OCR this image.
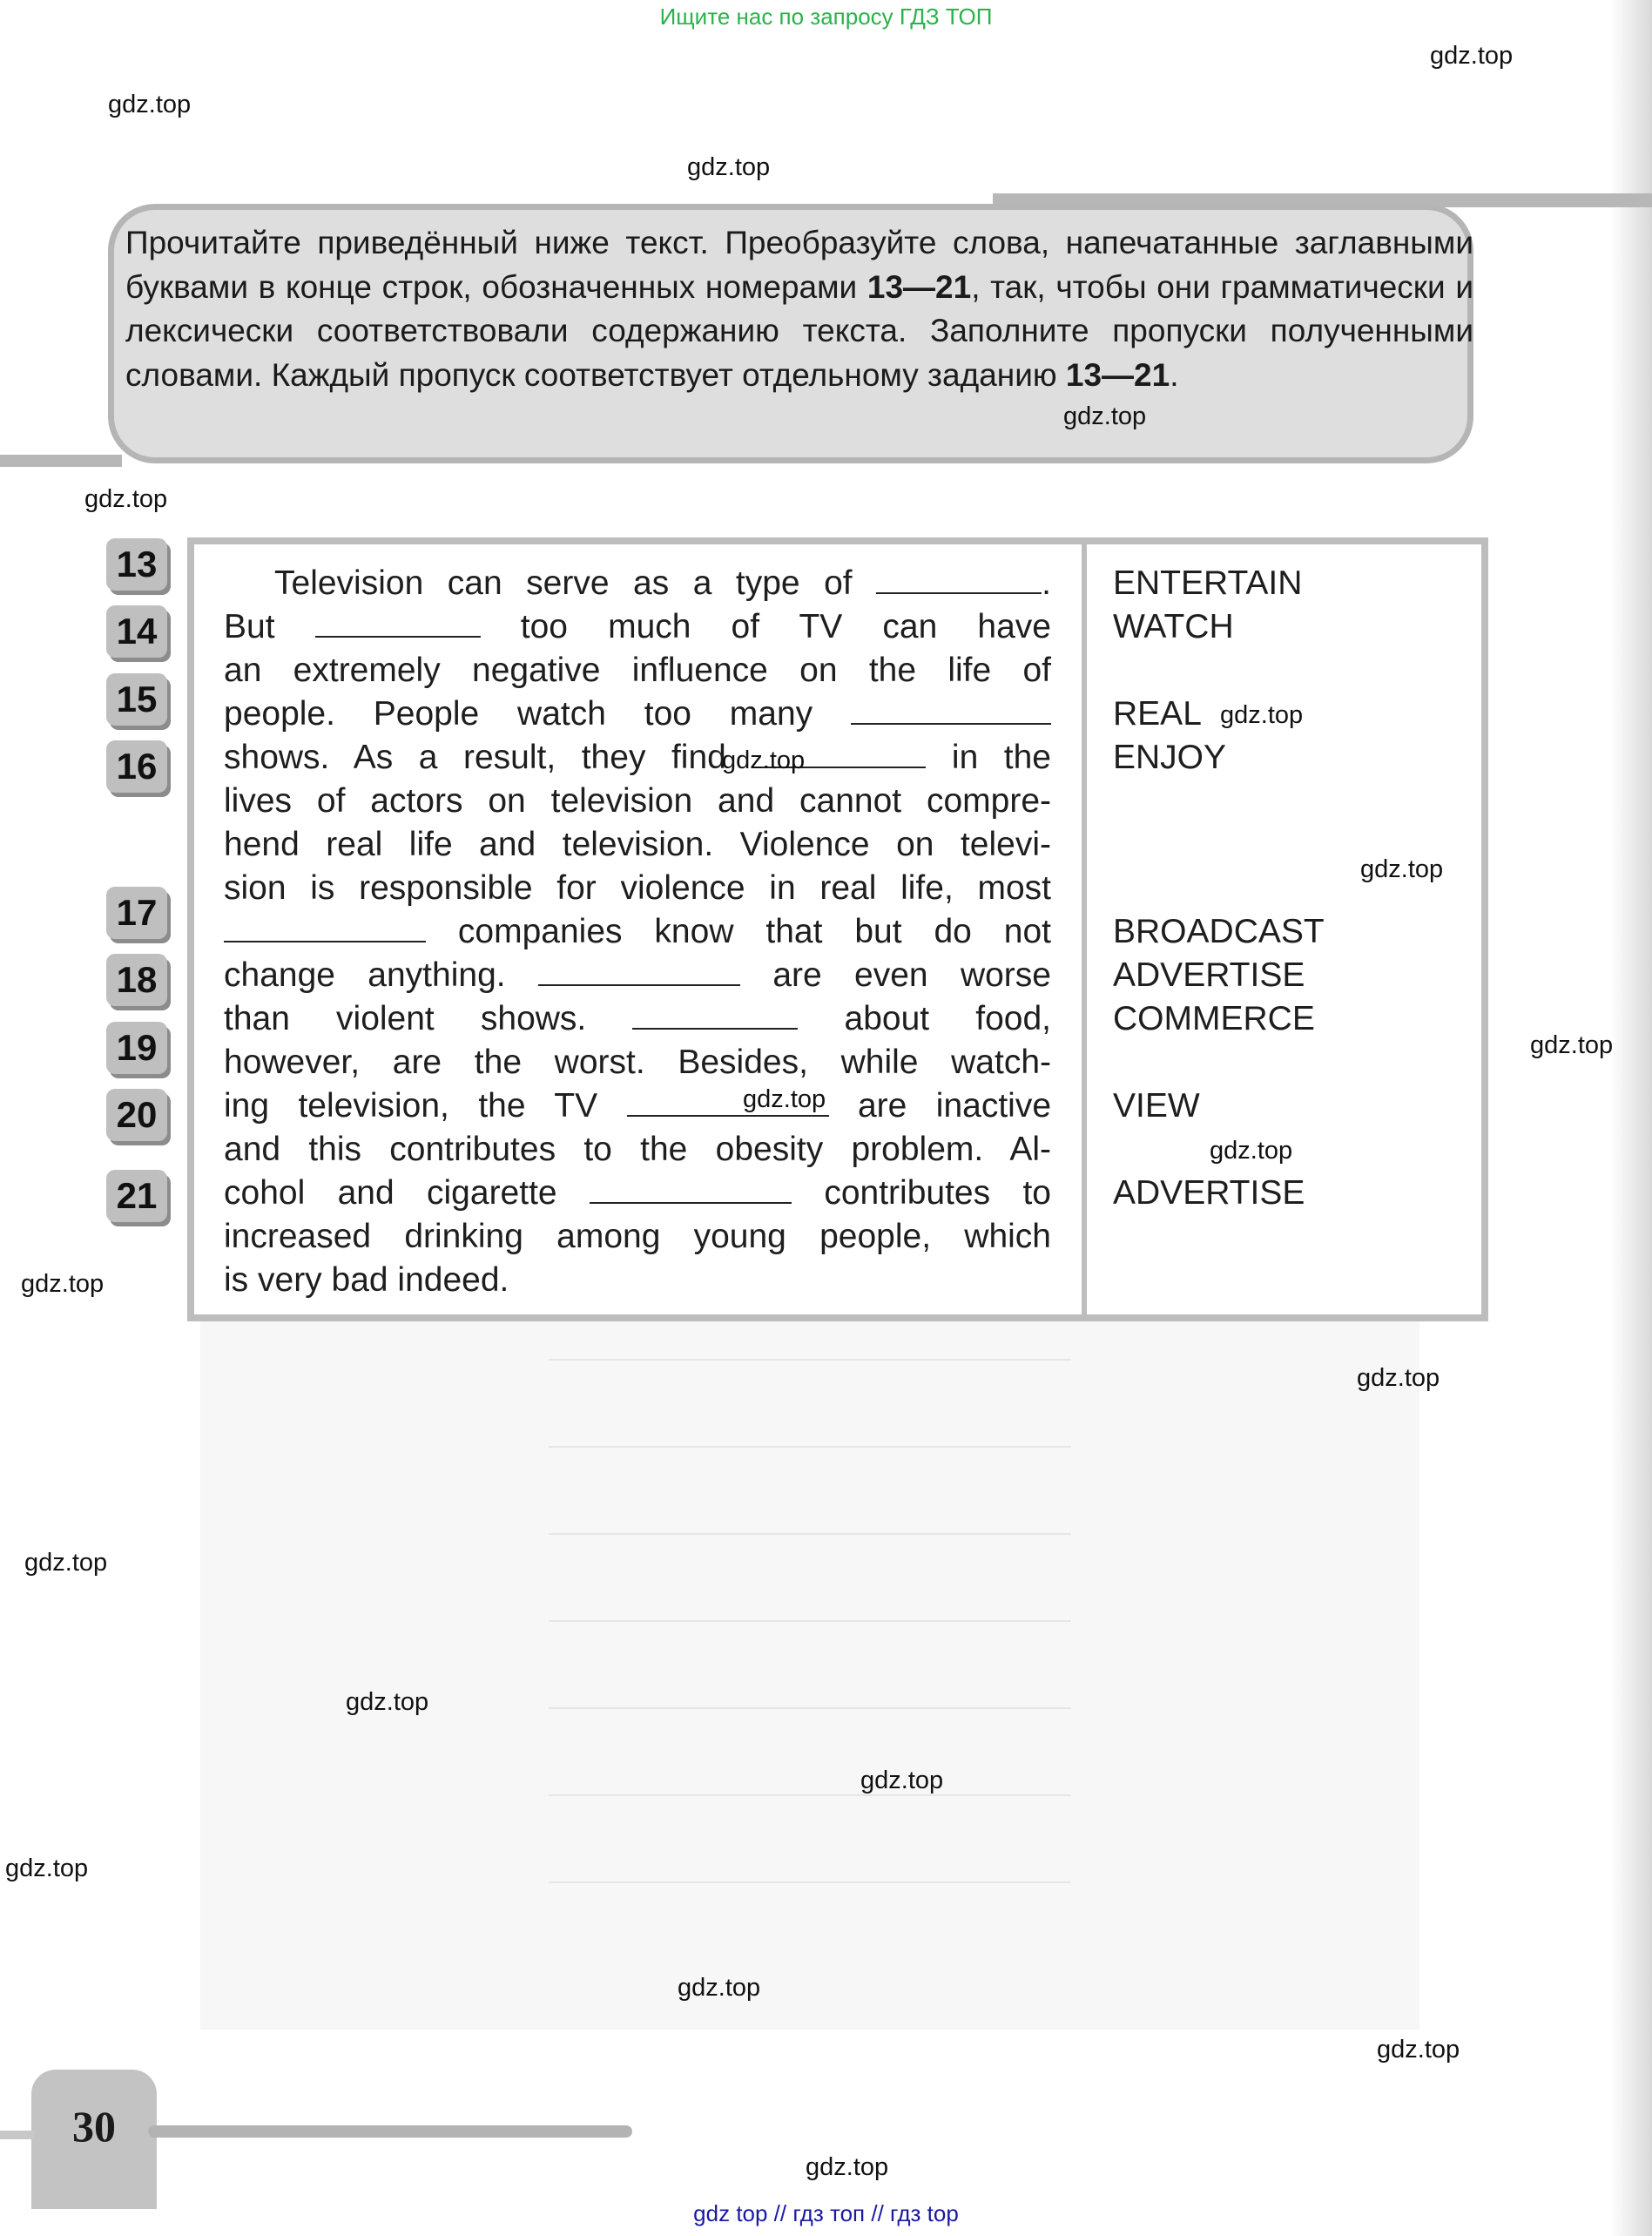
Ищите нас по запросу ГДЗ ТОП
Прочитайте приведённый ниже текст. Преобразуйте слова, напечатанные заглавными буквами в конце строк, обозначенных номерами 13—21, так, чтобы они грамматически и лексически соответствовали содержанию текста. Заполните пропуски полученными словами. Каждый пропуск соответствует отдельному заданию 13—21.
13
14
15
16
17
18
19
20
21
Television can serve as a type of	.
But	too much of TV can have
an extremely negative influence on the life of
people. People watch too many
shows. As a result, they find	in the
lives of actors on television and cannot compre-
hend real life and television. Violence on televi-
sion is responsible for violence in real life, most
companies know that but do not
change anything.	are even worse
than violent shows.	about food,
however, are the worst. Besides, while watch-
ing television, the TV	are inactive
and this contributes to the obesity problem. Al-
cohol and cigarette	contributes to
increased drinking among young people, which
is very bad indeed.
ENTERTAIN
WATCH
REAL
ENJOY
BROADCAST
ADVERTISE
COMMERCE
VIEW
ADVERTISE
30
gdz.top
gdz.top
gdz.top
gdz.top
gdz.top
gdz.top
gdz.top
gdz.top
gdz.top
gdz.top
gdz.top
gdz.top
gdz.top
gdz.top
gdz.top
gdz.top
gdz.top
gdz.top
gdz.top
gdz.top
gdz top // гдз топ // гдз top
